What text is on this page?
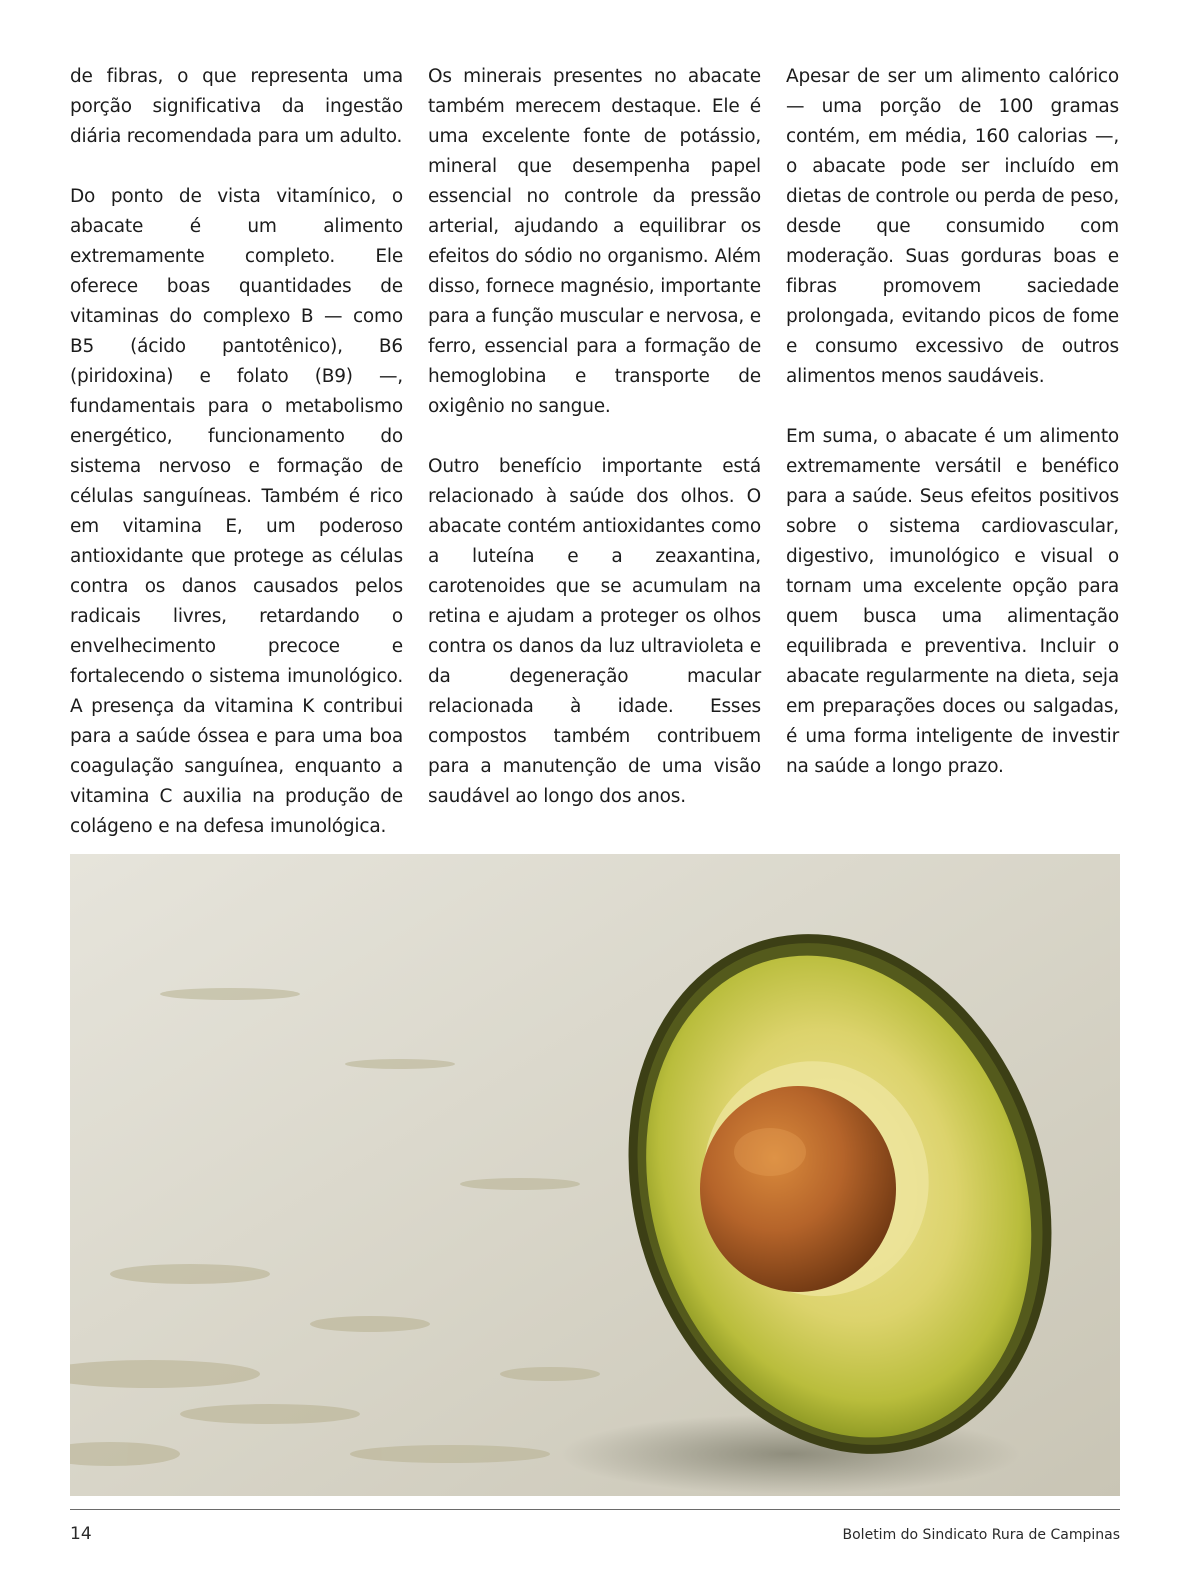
de fibras, o que representa uma porção significativa da ingestão diária recomendada para um adulto.

Do ponto de vista vitamínico, o abacate é um alimento extremamente completo. Ele oferece boas quantidades de vitaminas do complexo B — como B5 (ácido pantotênico), B6 (piridoxina) e folato (B9) —, fundamentais para o metabolismo energético, funcionamento do sistema nervoso e formação de células sanguíneas. Também é rico em vitamina E, um poderoso antioxidante que protege as células contra os danos causados pelos radicais livres, retardando o envelhecimento precoce e fortalecendo o sistema imunológico. A presença da vitamina K contribui para a saúde óssea e para uma boa coagulação sanguínea, enquanto a vitamina C auxilia na produção de colágeno e na defesa imunológica.

Os minerais presentes no abacate também merecem destaque. Ele é uma excelente fonte de potássio, mineral que desempenha papel essencial no controle da pressão arterial, ajudando a equilibrar os efeitos do sódio no organismo. Além disso, fornece magnésio, importante para a função muscular e nervosa, e ferro, essencial para a formação de hemoglobina e transporte de oxigênio no sangue.

Outro benefício importante está relacionado à saúde dos olhos. O abacate contém antioxidantes como a luteína e a zeaxantina, carotenoides que se acumulam na retina e ajudam a proteger os olhos contra os danos da luz ultravioleta e da degeneração macular relacionada à idade. Esses compostos também contribuem para a manutenção de uma visão saudável ao longo dos anos.

Apesar de ser um alimento calórico — uma porção de 100 gramas contém, em média, 160 calorias —, o abacate pode ser incluído em dietas de controle ou perda de peso, desde que consumido com moderação. Suas gorduras boas e fibras promovem saciedade prolongada, evitando picos de fome e consumo excessivo de outros alimentos menos saudáveis.

Em suma, o abacate é um alimento extremamente versátil e benéfico para a saúde. Seus efeitos positivos sobre o sistema cardiovascular, digestivo, imunológico e visual o tornam uma excelente opção para quem busca uma alimentação equilibrada e preventiva. Incluir o abacate regularmente na dieta, seja em preparações doces ou salgadas, é uma forma inteligente de investir na saúde a longo prazo.

14	Boletim do Sindicato Rura de Campinas
